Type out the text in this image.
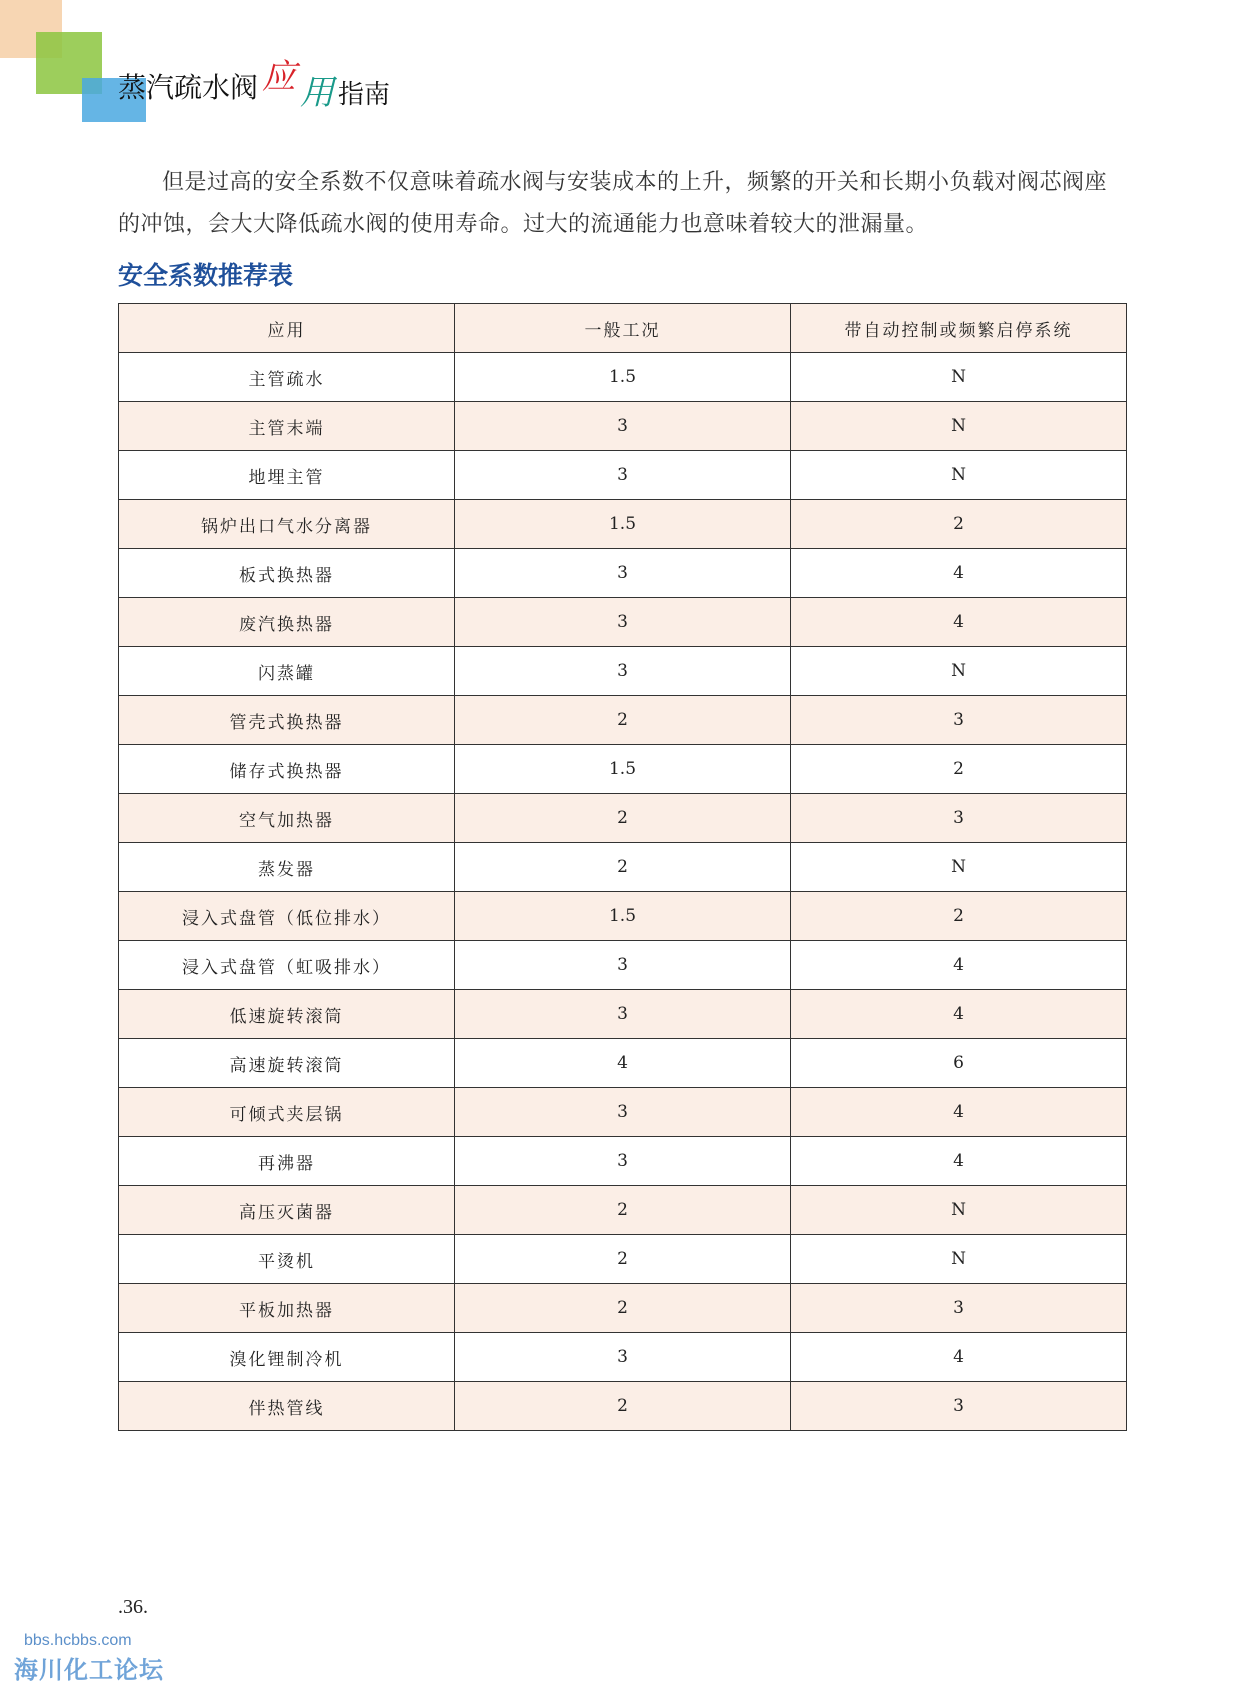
蒸汽疏水阀 应 用 指南

但是过高的安全系数不仅意味着疏水阀与安装成本的上升，频繁的开关和长期小负载对阀芯阀座的冲蚀，会大大降低疏水阀的使用寿命。过大的流通能力也意味着较大的泄漏量。

安全系数推荐表
应用	一般工况	带自动控制或频繁启停系统
主管疏水	1.5	N
主管末端	3	N
地埋主管	3	N
锅炉出口气水分离器	1.5	2
板式换热器	3	4
废汽换热器	3	4
闪蒸罐	3	N
管壳式换热器	2	3
储存式换热器	1.5	2
空气加热器	2	3
蒸发器	2	N
浸入式盘管（低位排水）	1.5	2
浸入式盘管（虹吸排水）	3	4
低速旋转滚筒	3	4
高速旋转滚筒	4	6
可倾式夹层锅	3	4
再沸器	3	4
高压灭菌器	2	N
平烫机	2	N
平板加热器	2	3
溴化锂制冷机	3	4
伴热管线	2	3
.36.
bbs.hcbbs.com
海川化工论坛
